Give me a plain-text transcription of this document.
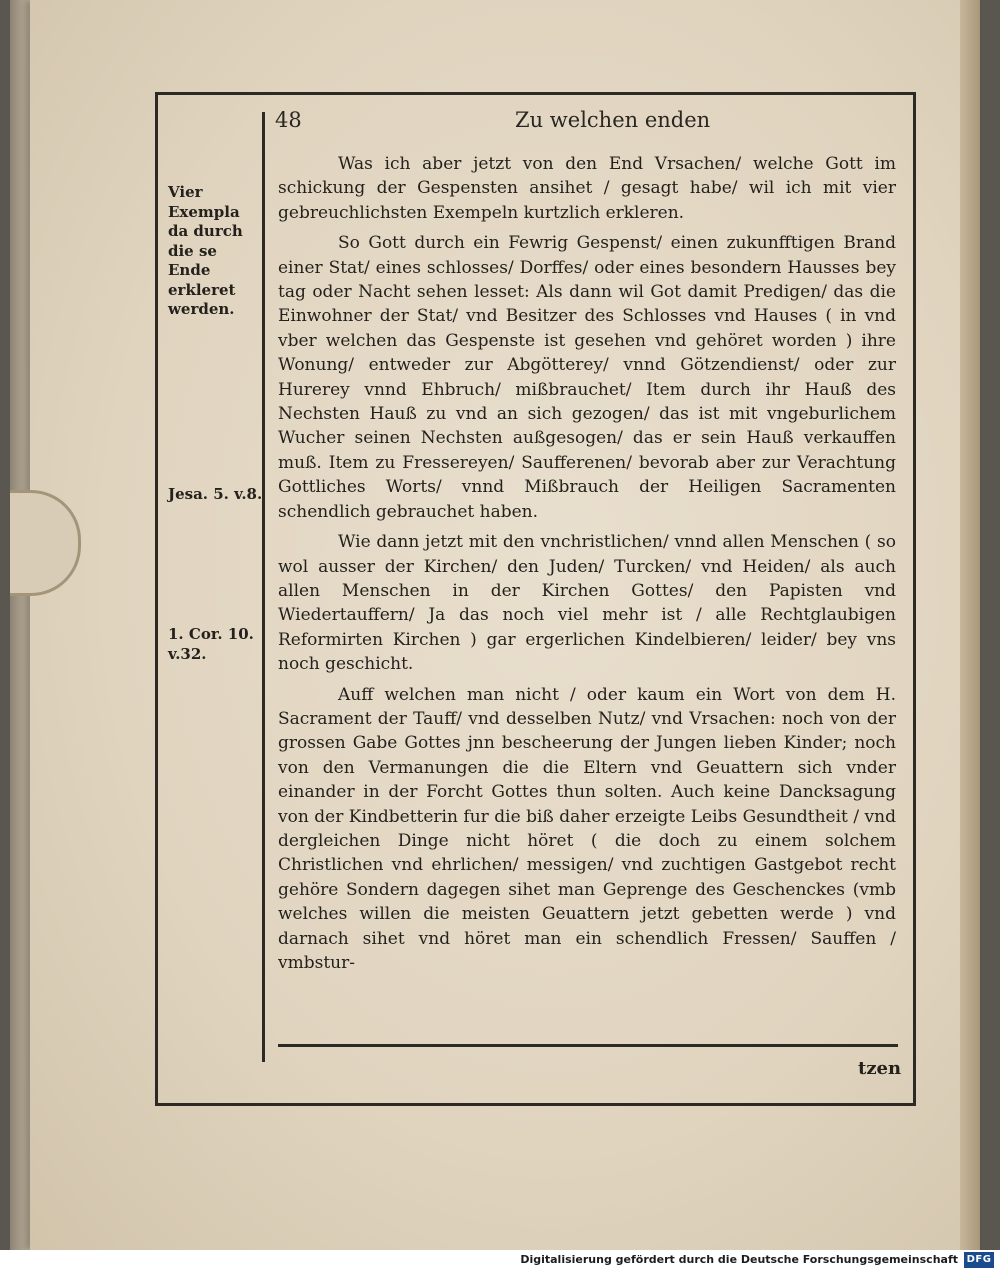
48	Zu welchen enden
Vier Exempla da durch die se Ende erkleret werden.
Jesa. 5. v.8.
1. Cor. 10. v.32.

Was ich aber jetzt von den End Vrsachen/ welche Gott im schickung der Gespensten ansihet / gesagt habe/ wil ich mit vier gebreuchlichsten Exempeln kurtzlich erkleren.

So Gott durch ein Fewrig Gespenst/ einen zukunfftigen Brand einer Stat/ eines schlosses/ Dorffes/ oder eines besondern Hausses bey tag oder Nacht sehen lesset: Als dann wil Got damit Predigen/ das die Einwohner der Stat/ vnd Besitzer des Schlosses vnd Hauses ( in vnd vber welchen das Gespenste ist gesehen vnd gehöret worden ) ihre Wonung/ entweder zur Abgötterey/ vnnd Götzendienst/ oder zur Hurerey vnnd Ehbruch/ mißbrauchet/ Item durch ihr Hauß des Nechsten Hauß zu vnd an sich gezogen/ das ist mit vngeburlichem Wucher seinen Nechsten außgesogen/ das er sein Hauß verkauffen muß. Item zu Fressereyen/ Saufferenen/ bevorab aber zur Verachtung Gottliches Worts/ vnnd Mißbrauch der Heiligen Sacramenten schendlich gebrauchet haben.

Wie dann jetzt mit den vnchristlichen/ vnnd allen Menschen ( so wol ausser der Kirchen/ den Juden/ Turcken/ vnd Heiden/ als auch allen Menschen in der Kirchen Gottes/ den Papisten vnd Wiedertauffern/ Ja das noch viel mehr ist / alle Rechtglaubigen Reformirten Kirchen ) gar ergerlichen Kindelbieren/ leider/ bey vns noch geschicht.

Auff welchen man nicht / oder kaum ein Wort von dem H. Sacrament der Tauff/ vnd desselben Nutz/ vnd Vrsachen: noch von der grossen Gabe Gottes jnn bescheerung der Jungen lieben Kinder; noch von den Vermanungen die die Eltern vnd Geuattern sich vnder einander in der Forcht Gottes thun solten. Auch keine Dancksagung von der Kindbetterin fur die biß daher erzeigte Leibs Gesundtheit / vnd dergleichen Dinge nicht höret ( die doch zu einem solchem Christlichen vnd ehrlichen/ messigen/ vnd zuchtigen Gastgebot recht gehöre Sondern dagegen sihet man Geprenge des Geschenckes (vmb welches willen die meisten Geuattern jetzt gebetten werde ) vnd darnach sihet vnd höret man ein schendlich Fressen/ Sauffen / vmbstur-

tzen
Digitalisierung gefördert durch die Deutsche Forschungsgemeinschaft DFG
